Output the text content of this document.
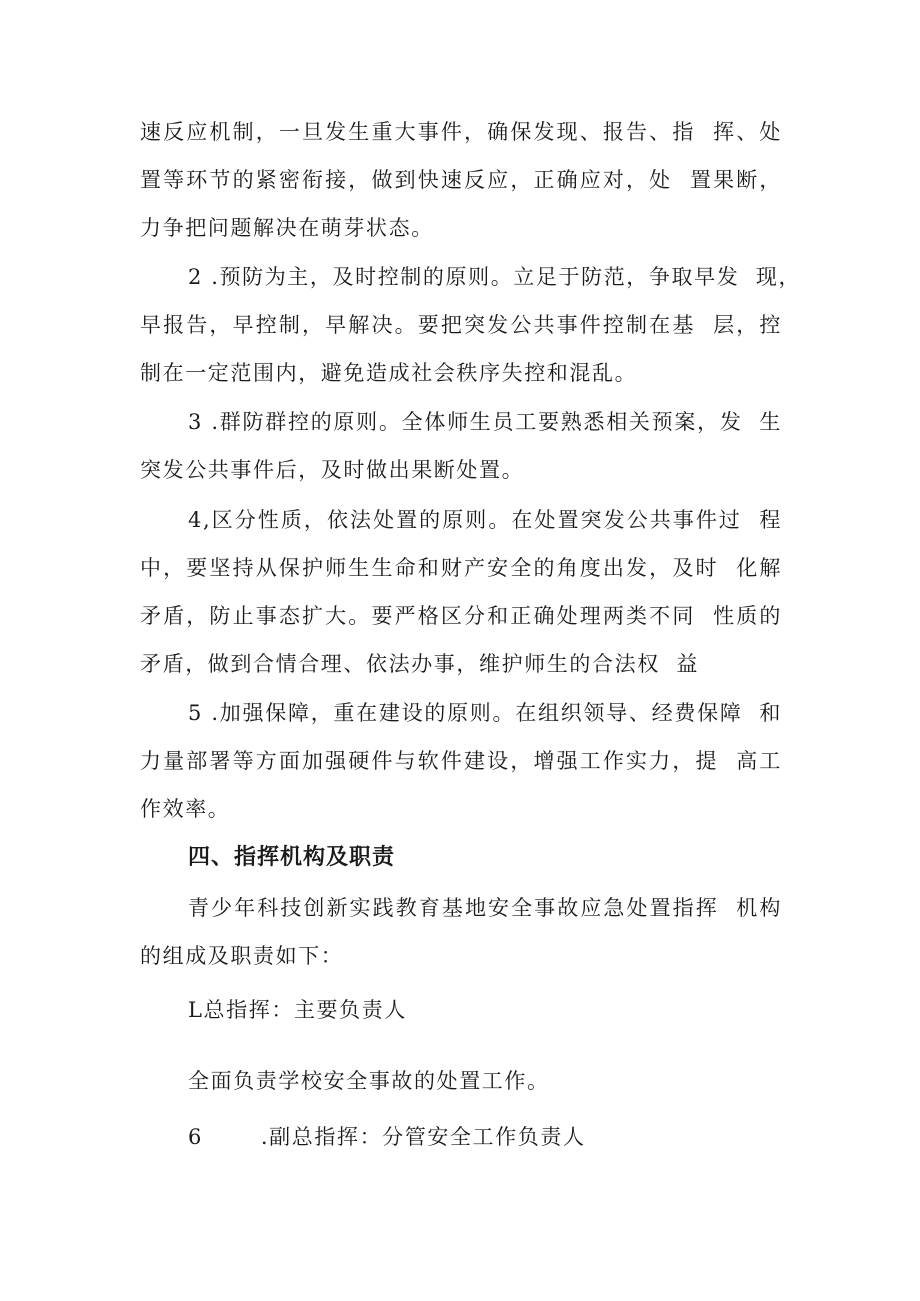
速反应机制，一旦发生重大事件，确保发现、报告、指  挥、处
置等环节的紧密衔接，做到快速反应，正确应对，处  置果断，
力争把问题解决在萌芽状态。
2 .预防为主，及时控制的原则。立足于防范，争取早发  现，
早报告，早控制，早解决。要把突发公共事件控制在基  层，控
制在一定范围内，避免造成社会秩序失控和混乱。
3 .群防群控的原则。全体师生员工要熟悉相关预案，发  生
突发公共事件后，及时做出果断处置。
4,区分性质，依法处置的原则。在处置突发公共事件过  程
中，要坚持从保护师生生命和财产安全的角度出发，及时  化解
矛盾，防止事态扩大。要严格区分和正确处理两类不同  性质的
矛盾，做到合情合理、依法办事，维护师生的合法权  益
5 .加强保障，重在建设的原则。在组织领导、经费保障  和
力量部署等方面加强硬件与软件建设，增强工作实力，提  高工
作效率。
四、指挥机构及职责
青少年科技创新实践教育基地安全事故应急处置指挥  机构
的组成及职责如下：
L总指挥：主要负责人
全面负责学校安全事故的处置工作。
6       .副总指挥：分管安全工作负责人
